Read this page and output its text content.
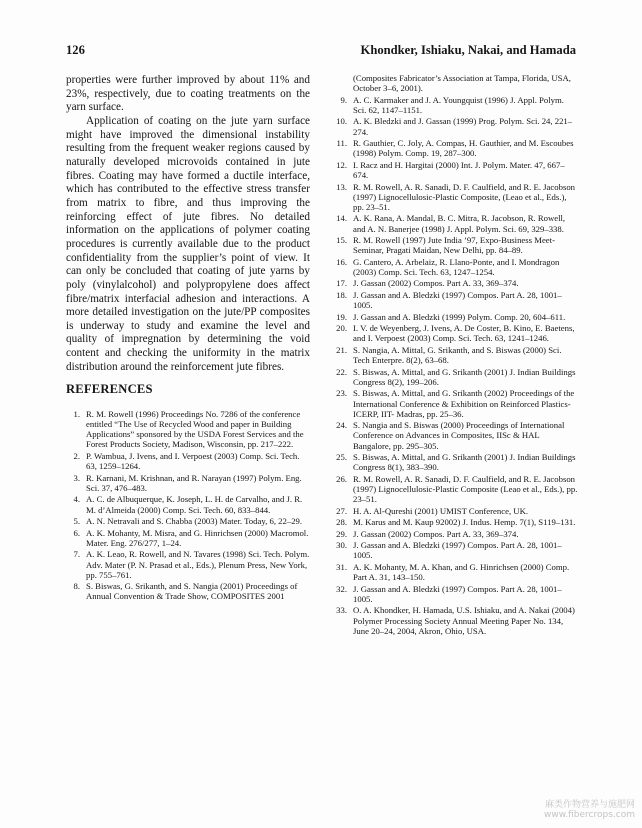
126	Khondker, Ishiaku, Nakai, and Hamada

properties were further improved by about 11% and 23%, respectively, due to coating treatments on the yarn surface.

Application of coating on the jute yarn surface might have improved the dimensional instability resulting from the frequent weaker regions caused by naturally developed microvoids contained in jute fibres. Coating may have formed a ductile interface, which has contributed to the effective stress transfer from matrix to fibre, and thus improving the reinforcing effect of jute fibres. No detailed information on the applications of polymer coating procedures is currently available due to the product confidentiality from the supplier’s point of view. It can only be concluded that coating of jute yarns by poly (vinylalcohol) and polypropylene does affect fibre/matrix interfacial adhesion and interactions. A more detailed investigation on the jute/PP composites is underway to study and examine the level and quality of impregnation by determining the void content and checking the uniformity in the matrix distribution around the reinforcement jute fibres.

REFERENCES
1. R. M. Rowell (1996) Proceedings No. 7286 of the conference entitled “The Use of Recycled Wood and paper in Building Applications” sponsored by the USDA Forest Services and the Forest Products Society, Madison, Wisconsin, pp. 217–222.
2. P. Wambua, J. Ivens, and I. Verpoest (2003) Comp. Sci. Tech. 63, 1259–1264.
3. R. Karnani, M. Krishnan, and R. Narayan (1997) Polym. Eng. Sci. 37, 476–483.
4. A. C. de Albuquerque, K. Joseph, L. H. de Carvalho, and J. R. M. d’Almeida (2000) Comp. Sci. Tech. 60, 833–844.
5. A. N. Netravali and S. Chabba (2003) Mater. Today, 6, 22–29.
6. A. K. Mohanty, M. Misra, and G. Hinrichsen (2000) Macromol. Mater. Eng. 276/277, 1–24.
7. A. K. Leao, R. Rowell, and N. Tavares (1998) Sci. Tech. Polym. Adv. Mater (P. N. Prasad et al., Eds.), Plenum Press, New York, pp. 755–761.
8. S. Biswas, G. Srikanth, and S. Nangia (2001) Proceedings of Annual Convention & Trade Show, COMPOSITES 2001

(Composites Fabricator’s Association at Tampa, Florida, USA, October 3–6, 2001).

9. A. C. Karmaker and J. A. Youngquist (1996) J. Appl. Polym. Sci. 62, 1147–1151.
10. A. K. Bledzki and J. Gassan (1999) Prog. Polym. Sci. 24, 221–274.
11. R. Gauthier, C. Joly, A. Compas, H. Gauthier, and M. Escoubes (1998) Polym. Comp. 19, 287–300.
12. I. Racz and H. Hargitai (2000) Int. J. Polym. Mater. 47, 667–674.
13. R. M. Rowell, A. R. Sanadi, D. F. Caulfield, and R. E. Jacobson (1997) Lignocellulosic-Plastic Composite, (Leao et al., Eds.), pp. 23–51.
14. A. K. Rana, A. Mandal, B. C. Mitra, R. Jacobson, R. Rowell, and A. N. Banerjee (1998) J. Appl. Polym. Sci. 69, 329–338.
15. R. M. Rowell (1997) Jute India ’97, Expo-Business Meet-Seminar, Pragati Maidan, New Delhi, pp. 84–89.
16. G. Cantero, A. Arbelaiz, R. Llano-Ponte, and I. Mondragon (2003) Comp. Sci. Tech. 63, 1247–1254.
17. J. Gassan (2002) Compos. Part A. 33, 369–374.
18. J. Gassan and A. Bledzki (1997) Compos. Part A. 28, 1001–1005.
19. J. Gassan and A. Bledzki (1999) Polym. Comp. 20, 604–611.
20. I. V. de Weyenberg, J. Ivens, A. De Coster, B. Kino, E. Baetens, and I. Verpoest (2003) Comp. Sci. Tech. 63, 1241–1246.
21. S. Nangia, A. Mittal, G. Srikanth, and S. Biswas (2000) Sci. Tech Enterpre. 8(2), 63–68.
22. S. Biswas, A. Mittal, and G. Srikanth (2001) J. Indian Buildings Congress 8(2), 199–206.
23. S. Biswas, A. Mittal, and G. Srikanth (2002) Proceedings of the International Conference & Exhibition on Reinforced Plastics-ICERP, IIT- Madras, pp. 25–36.
24. S. Nangia and S. Biswas (2000) Proceedings of International Conference on Advances in Composites, IISc & HAL Bangalore, pp. 295–305.
25. S. Biswas, A. Mittal, and G. Srikanth (2001) J. Indian Buildings Congress 8(1), 383–390.
26. R. M. Rowell, A. R. Sanadi, D. F. Caulfield, and R. E. Jacobson (1997) Lignocellulosic-Plastic Composite (Leao et al., Eds.), pp. 23–51.
27. H. A. Al-Qureshi (2001) UMIST Conference, UK.
28. M. Karus and M. Kaup 92002) J. Indus. Hemp. 7(1), S119–131.
29. J. Gassan (2002) Compos. Part A. 33, 369–374.
30. J. Gassan and A. Bledzki (1997) Compos. Part A. 28, 1001–1005.
31. A. K. Mohanty, M. A. Khan, and G. Hinrichsen (2000) Comp. Part A. 31, 143–150.
32. J. Gassan and A. Bledzki (1997) Compos. Part A. 28, 1001–1005.
33. O. A. Khondker, H. Hamada, U.S. Ishiaku, and A. Nakai (2004) Polymer Processing Society Annual Meeting Paper No. 134, June 20–24, 2004, Akron, Ohio, USA.
麻类作物营养与施肥网
www.fibercrops.com
